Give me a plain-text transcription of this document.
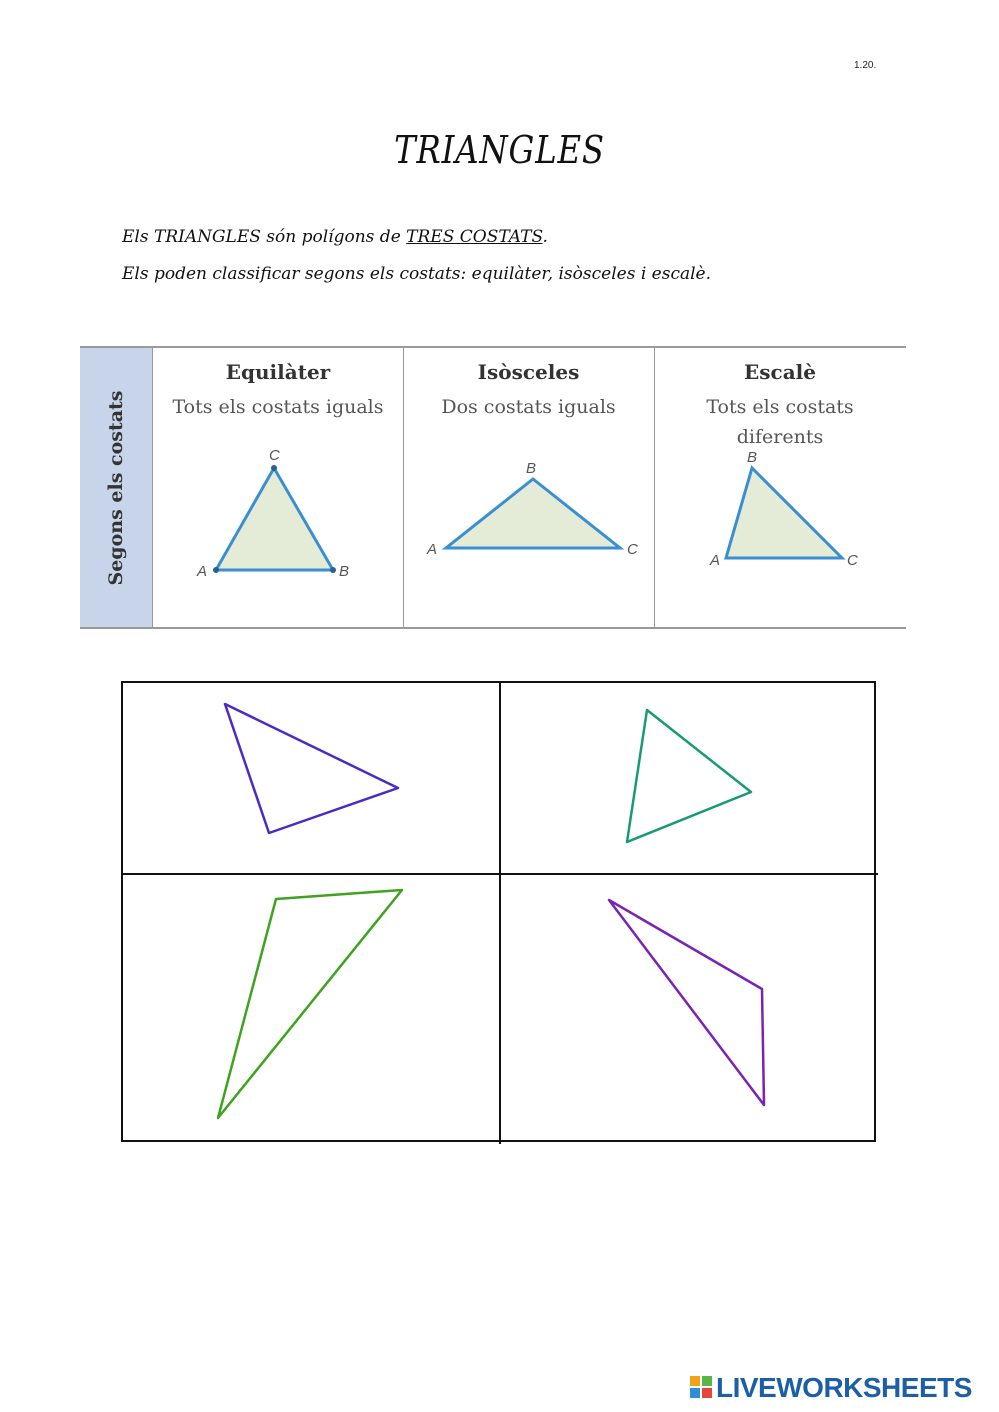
1.20.
TRIANGLES
Els TRIANGLES són polígons de TRES COSTATS.
Els poden classificar segons els costats: equilàter, isòsceles i escalè.
Segons els costats
Equilàter
Tots els costats iguals
A	B
C
Isòsceles
Dos costats iguals
A
B
C
Escalè
Tots els costats
diferents
A
B
C
LIVEWORKSHEETS
